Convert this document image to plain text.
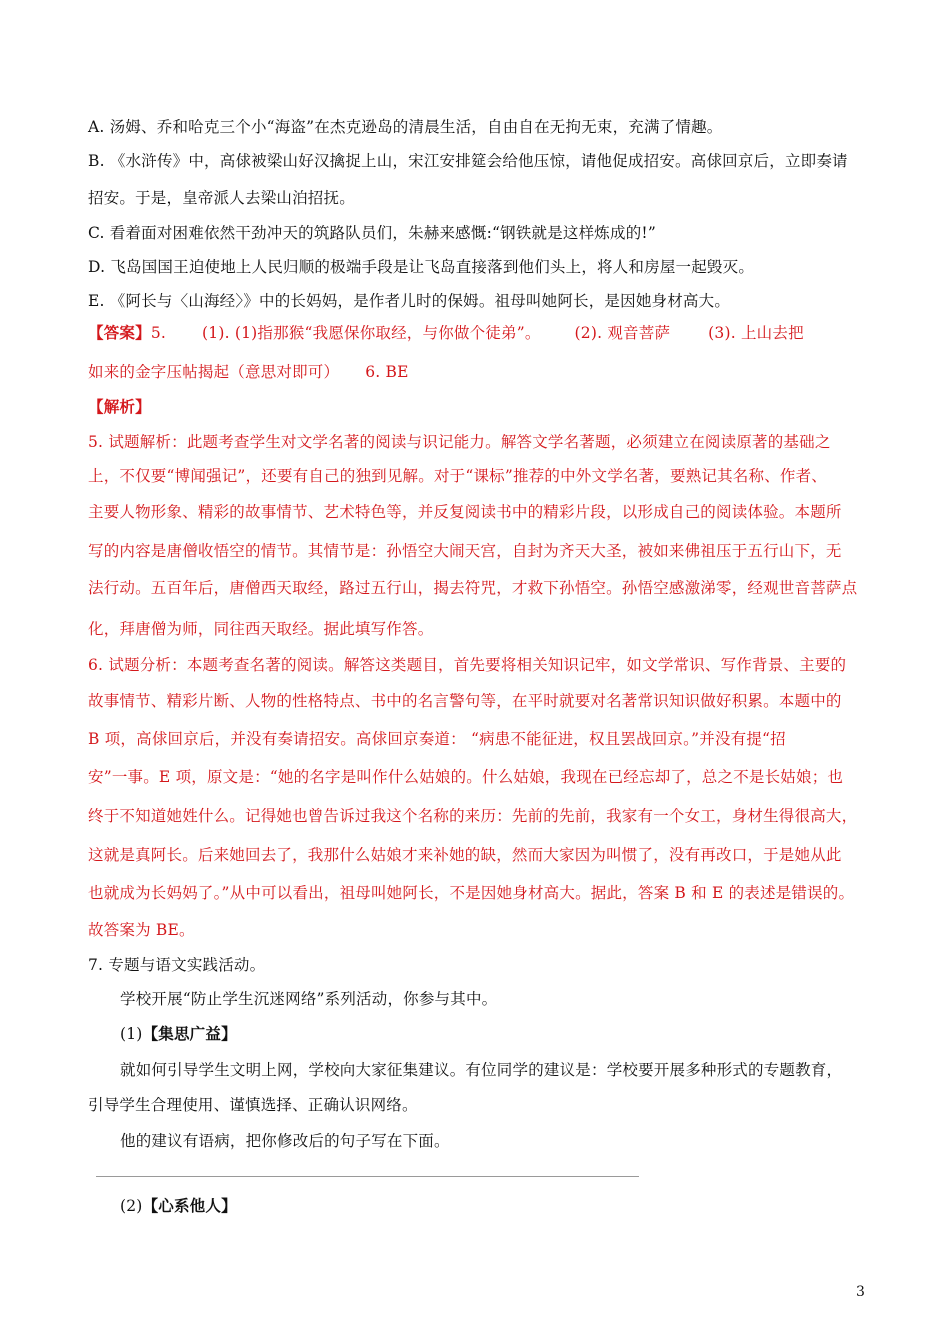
A. 汤姆、乔和哈克三个小“海盗”在杰克逊岛的清晨生活，自由自在无拘无束，充满了情趣。
B. 《水浒传》中，高俅被梁山好汉擒捉上山，宋江安排筵会给他压惊，请他促成招安。高俅回京后，立即奏请
招安。于是，皇帝派人去梁山泊招抚。
C. 看着面对困难依然干劲冲天的筑路队员们，朱赫来感慨:“钢铁就是这样炼成的!”
D. 飞岛国国王迫使地上人民归顺的极端手段是让飞岛直接落到他们头上，将人和房屋一起毁灭。
E. 《阿长与〈山海经〉》中的长妈妈，是作者儿时的保姆。祖母叫她阿长，是因她身材高大。
【答案】5. (1). (1)指那猴“我愿保你取经，与你做个徒弟”。 (2). 观音菩萨 (3). 上山去把
如来的金字压帖揭起（意思对即可） 6. BE
【解析】
5. 试题解析：此题考查学生对文学名著的阅读与识记能力。解答文学名著题，必须建立在阅读原著的基础之
上，不仅要“博闻强记”，还要有自己的独到见解。对于“课标”推荐的中外文学名著，要熟记其名称、作者、
主要人物形象、精彩的故事情节、艺术特色等，并反复阅读书中的精彩片段，以形成自己的阅读体验。本题所
写的内容是唐僧收悟空的情节。其情节是：孙悟空大闹天宫，自封为齐天大圣，被如来佛祖压于五行山下，无
法行动。五百年后，唐僧西天取经，路过五行山，揭去符咒，才救下孙悟空。孙悟空感激涕零，经观世音菩萨点
化，拜唐僧为师，同往西天取经。据此填写作答。
6. 试题分析：本题考查名著的阅读。解答这类题目，首先要将相关知识记牢，如文学常识、写作背景、主要的
故事情节、精彩片断、人物的性格特点、书中的名言警句等，在平时就要对名著常识知识做好积累。本题中的
B 项，高俅回京后，并没有奏请招安。高俅回京奏道： “病患不能征进，权且罢战回京。”并没有提“招
安”一事。E 项，原文是：“她的名字是叫作什么姑娘的。什么姑娘，我现在已经忘却了，总之不是长姑娘；也
终于不知道她姓什么。记得她也曾告诉过我这个名称的来历：先前的先前，我家有一个女工，身材生得很高大，
这就是真阿长。后来她回去了，我那什么姑娘才来补她的缺，然而大家因为叫惯了，没有再改口，于是她从此
也就成为长妈妈了。”从中可以看出，祖母叫她阿长，不是因她身材高大。据此，答案 B 和 E 的表述是错误的。
故答案为 BE。
7. 专题与语文实践活动。
学校开展“防止学生沉迷网络”系列活动，你参与其中。
(1)【集思广益】
就如何引导学生文明上网，学校向大家征集建议。有位同学的建议是：学校要开展多种形式的专题教育，
引导学生合理使用、谨慎选择、正确认识网络。
他的建议有语病，把你修改后的句子写在下面。
(2)【心系他人】
3
